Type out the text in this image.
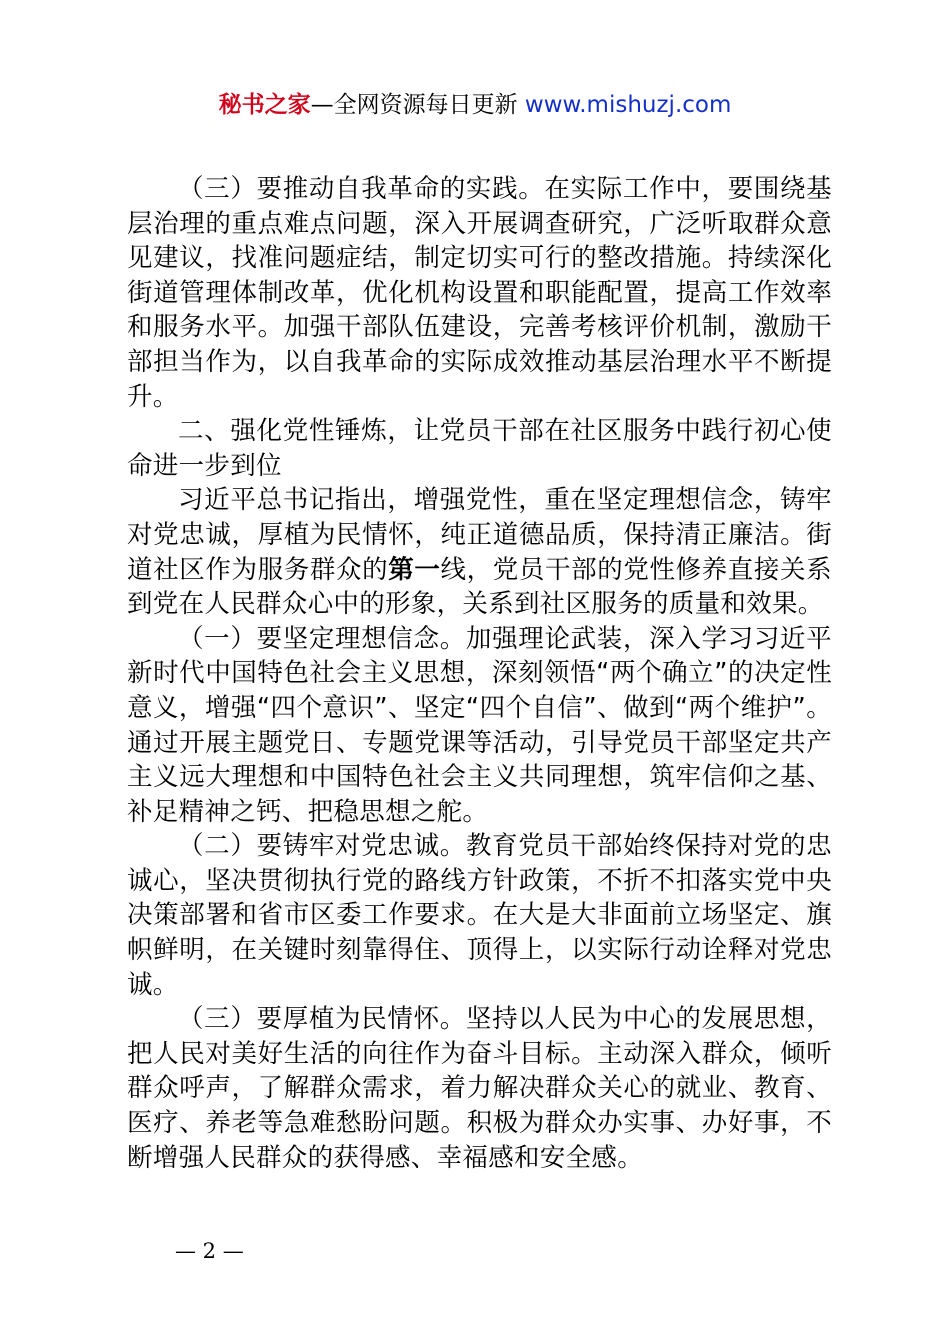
秘书之家—全网资源每日更新 www.mishuzj.com

（三）要推动自我革命的实践。在实际工作中，要围绕基层治理的重点难点问题，深入开展调查研究，广泛听取群众意见建议，找准问题症结，制定切实可行的整改措施。持续深化街道管理体制改革，优化机构设置和职能配置，提高工作效率和服务水平。加强干部队伍建设，完善考核评价机制，激励干部担当作为，以自我革命的实际成效推动基层治理水平不断提升。

二、强化党性锤炼，让党员干部在社区服务中践行初心使命进一步到位

习近平总书记指出，增强党性，重在坚定理想信念，铸牢对党忠诚，厚植为民情怀，纯正道德品质，保持清正廉洁。街道社区作为服务群众的第一线，党员干部的党性修养直接关系到党在人民群众心中的形象，关系到社区服务的质量和效果。

（一）要坚定理想信念。加强理论武装，深入学习习近平新时代中国特色社会主义思想，深刻领悟“两个确立”的决定性意义，增强“四个意识”、坚定“四个自信”、做到“两个维护”。通过开展主题党日、专题党课等活动，引导党员干部坚定共产主义远大理想和中国特色社会主义共同理想，筑牢信仰之基、补足精神之钙、把稳思想之舵。

（二）要铸牢对党忠诚。教育党员干部始终保持对党的忠诚心，坚决贯彻执行党的路线方针政策，不折不扣落实党中央决策部署和省市区委工作要求。在大是大非面前立场坚定、旗帜鲜明，在关键时刻靠得住、顶得上，以实际行动诠释对党忠诚。

（三）要厚植为民情怀。坚持以人民为中心的发展思想，把人民对美好生活的向往作为奋斗目标。主动深入群众，倾听群众呼声，了解群众需求，着力解决群众关心的就业、教育、医疗、养老等急难愁盼问题。积极为群众办实事、办好事，不断增强人民群众的获得感、幸福感和安全感。

— 2 —
